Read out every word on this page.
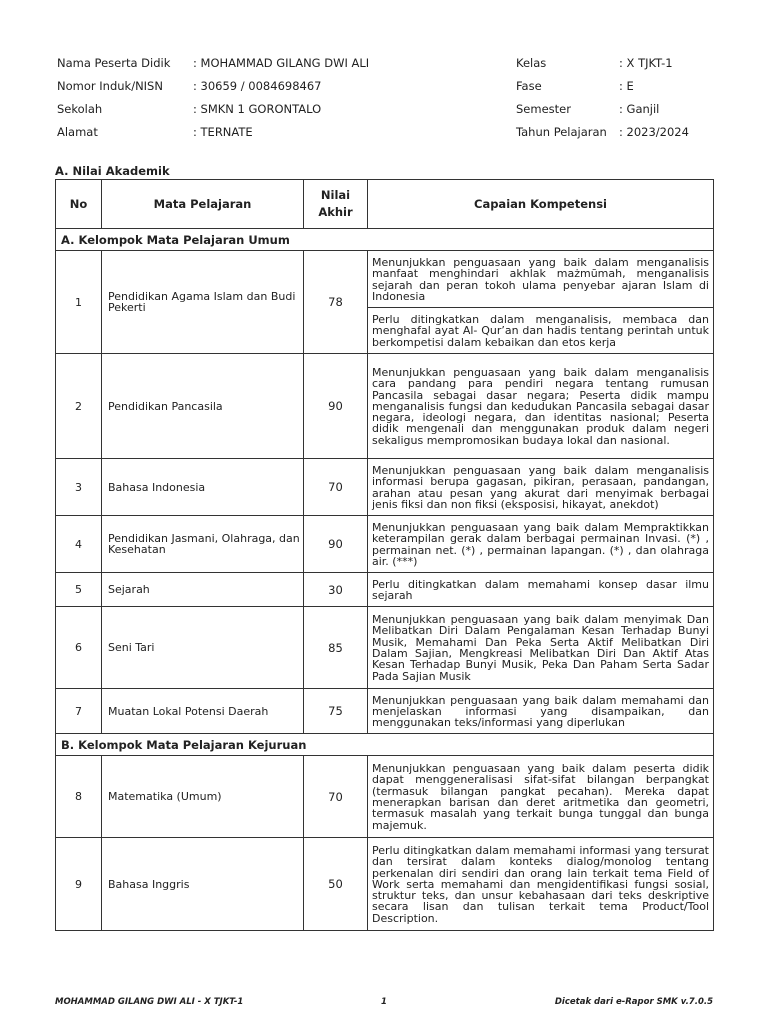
Nama Peserta Didik : MOHAMMAD GILANG DWI ALI
Nomor Induk/NISN	: 30659 / 0084698467
Sekolah	: SMKN 1 GORONTALO
Alamat	: TERNATE
Kelas	: X TJKT-1
Fase	: E
Semester	: Ganjil
Tahun Pelajaran : 2023/2024
A. Nilai Akademik
No	Mata Pelajaran	Nilai Akhir	Capaian Kompetensi
A. Kelompok Mata Pelajaran Umum			
1	Pendidikan Agama Islam dan Budi Pekerti	78	Menunjukkan penguasaan yang baik dalam menganalisis manfaat menghindari akhlak mażmūmah, menganalisis sejarah dan peran tokoh ulama penyebar ajaran Islam di Indonesia
			Perlu ditingkatkan dalam menganalisis, membaca dan menghafal ayat Al- Qur’an dan hadis tentang perintah untuk berkompetisi dalam kebaikan dan etos kerja
2	Pendidikan Pancasila	90	Menunjukkan penguasaan yang baik dalam menganalisis cara pandang para pendiri negara tentang rumusan Pancasila sebagai dasar negara; Peserta didik mampu menganalisis fungsi dan kedudukan Pancasila sebagai dasar negara, ideologi negara, dan identitas nasional; Peserta didik mengenali dan menggunakan produk dalam negeri sekaligus mempromosikan budaya lokal dan nasional.
3	Bahasa Indonesia	70	Menunjukkan penguasaan yang baik dalam menganalisis informasi berupa gagasan, pikiran, perasaan, pandangan, arahan atau pesan yang akurat dari menyimak berbagai jenis fiksi dan non fiksi (eksposisi, hikayat, anekdot)
4	Pendidikan Jasmani, Olahraga, dan Kesehatan	90	Menunjukkan penguasaan yang baik dalam Mempraktikkan keterampilan gerak dalam berbagai permainan Invasi. (*) , permainan net. (*) , permainan lapangan. (*) , dan olahraga air. (***)
5	Sejarah	30	Perlu ditingkatkan dalam memahami konsep dasar ilmu sejarah
6	Seni Tari	85	Menunjukkan penguasaan yang baik dalam menyimak Dan Melibatkan Diri Dalam Pengalaman Kesan Terhadap Bunyi Musik, Memahami Dan Peka Serta Aktif Melibatkan Diri Dalam Sajian, Mengkreasi Melibatkan Diri Dan Aktif Atas Kesan Terhadap Bunyi Musik, Peka Dan Paham Serta Sadar Pada Sajian Musik
7	Muatan Lokal Potensi Daerah	75	Menunjukkan penguasaan yang baik dalam memahami dan menjelaskan informasi yang disampaikan, dan menggunakan teks/informasi yang diperlukan
B. Kelompok Mata Pelajaran Kejuruan			
8	Matematika (Umum)	70	Menunjukkan penguasaan yang baik dalam peserta didik dapat menggeneralisasi sifat-sifat bilangan berpangkat (termasuk bilangan pangkat pecahan). Mereka dapat menerapkan barisan dan deret aritmetika dan geometri, termasuk masalah yang terkait bunga tunggal dan bunga majemuk.
9	Bahasa Inggris	50	Perlu ditingkatkan dalam memahami informasi yang tersurat dan tersirat dalam konteks dialog/monolog tentang perkenalan diri sendiri dan orang lain terkait tema Field of Work serta memahami dan mengidentifikasi fungsi sosial, struktur teks, dan unsur kebahasaan dari teks deskriptive secara lisan dan tulisan terkait tema Product/Tool Description.
MOHAMMAD GILANG DWI ALI - X TJKT-1	1	Dicetak dari e-Rapor SMK v.7.0.5
